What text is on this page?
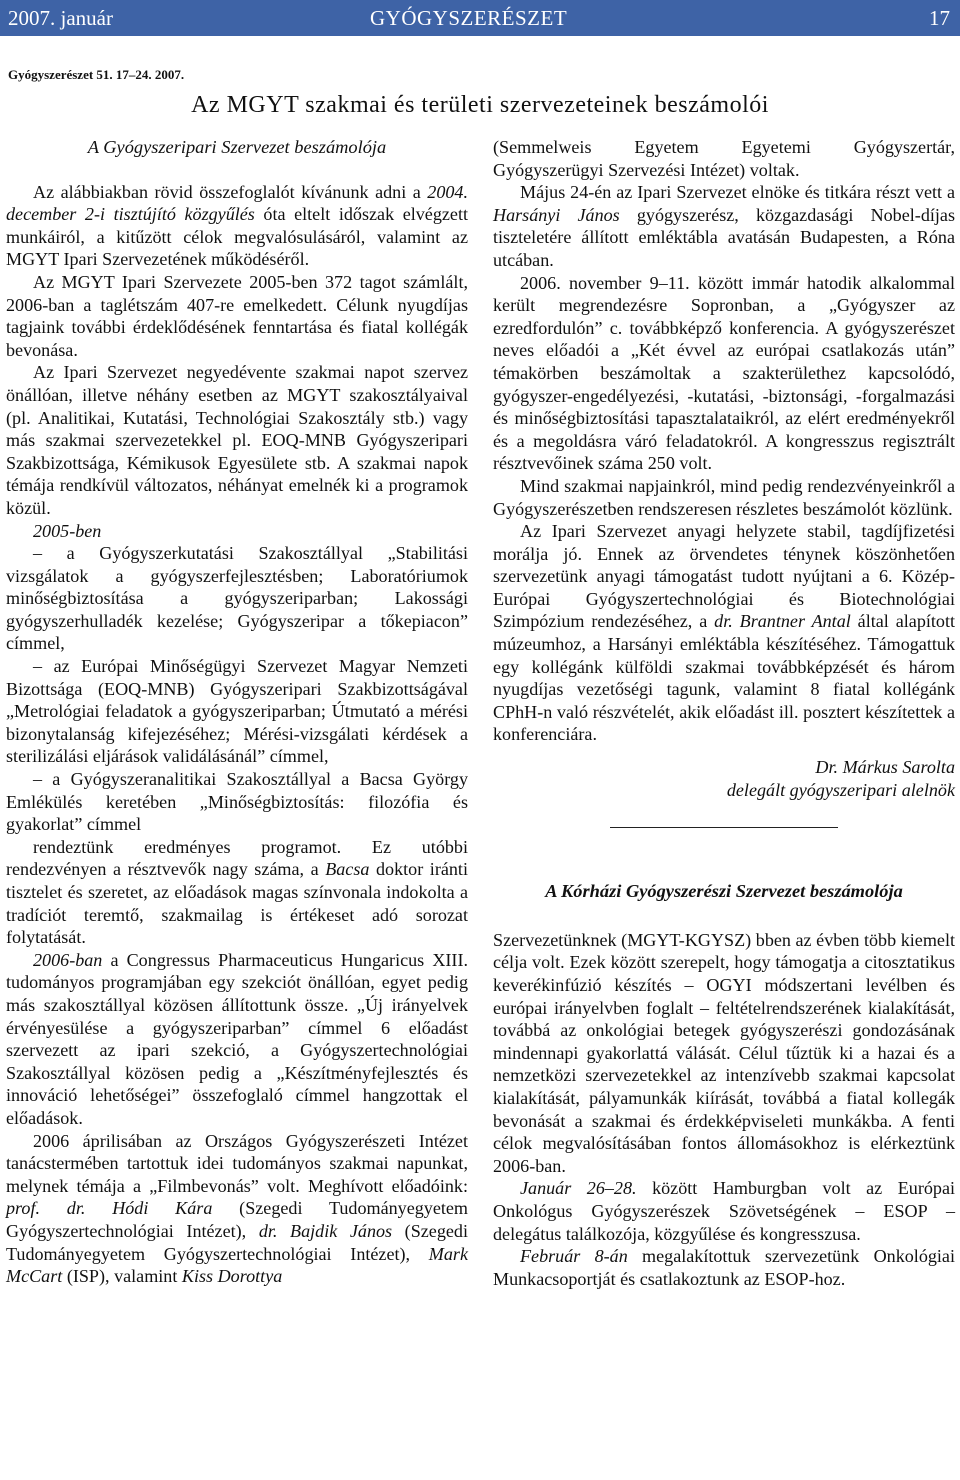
2007. január	GYÓGYSZERÉSZET	17
Gyógyszerészet 51. 17–24. 2007.
Az MGYT szakmai és területi szervezeteinek beszámolói

A Gyógyszeripari Szervezet beszámolója

Az alábbiakban rövid összefoglalót kívánunk adni a 2004. december 2-i tisztújító közgyűlés óta eltelt időszak elvégzett munkáiról, a kitűzött célok megvalósulásáról, valamint az MGYT Ipari Szervezetének működéséről.

Az MGYT Ipari Szervezete 2005-ben 372 tagot számlált, 2006-ban a taglétszám 407-re emelkedett. Célunk nyugdíjas tagjaink további érdeklődésének fenntartása és fiatal kollégák bevonása.

Az Ipari Szervezet negyedévente szakmai napot szervez önállóan, illetve néhány esetben az MGYT szakosztályaival (pl. Analitikai, Kutatási, Technológiai Szakosztály stb.) vagy más szakmai szervezetekkel pl. EOQ-MNB Gyógyszeripari Szakbizottsága, Kémikusok Egyesülete stb. A szakmai napok témája rendkívül változatos, néhányat emelnék ki a programok közül.

2005-ben

– a Gyógyszerkutatási Szakosztállyal „Stabilitási vizsgálatok a gyógyszerfejlesztésben; Laboratóriumok minőségbiztosítása a gyógyszeriparban; Lakossági gyógyszerhulladék kezelése; Gyógyszeripar a tőkepiacon” címmel,

– az Európai Minőségügyi Szervezet Magyar Nemzeti Bizottsága (EOQ-MNB) Gyógyszeripari Szakbizottságával „Metrológiai feladatok a gyógyszeriparban; Útmutató a mérési bizonytalanság kifejezéséhez; Mérési-vizsgálati kérdések a sterilizálási eljárások validálásánál” címmel,

– a Gyógyszeranalitikai Szakosztállyal a Bacsa György Emlékülés keretében „Minőségbiztosítás: filozófia és gyakorlat” címmel

rendeztünk eredményes programot. Ez utóbbi rendezvényen a résztvevők nagy száma, a Bacsa doktor iránti tisztelet és szeretet, az előadások magas színvonala indokolta a tradíciót teremtő, szakmailag is értékeset adó sorozat folytatását.

2006-ban a Congressus Pharmaceuticus Hungaricus XIII. tudományos programjában egy szekciót önállóan, egyet pedig más szakosztállyal közösen állítottunk össze. „Új irányelvek érvényesülése a gyógyszeriparban” címmel 6 előadást szervezett az ipari szekció, a Gyógyszertechnológiai Szakosztállyal közösen pedig a „Készítményfejlesztés és innováció lehetőségei” összefoglaló címmel hangzottak el előadások.

2006 áprilisában az Országos Gyógyszerészeti Intézet tanácstermében tartottuk idei tudományos szakmai napunkat, melynek témája a „Filmbevonás” volt. Meghívott előadóink: prof. dr. Hódi Kára (Szegedi Tudományegyetem Gyógyszertechnológiai Intézet), dr. Bajdik János (Szegedi Tudományegyetem Gyógyszertechnológiai Intézet), Mark McCart (ISP), valamint Kiss Dorottya

(Semmelweis Egyetem Egyetemi Gyógyszertár, Gyógyszerügyi Szervezési Intézet) voltak.

Május 24-én az Ipari Szervezet elnöke és titkára részt vett a Harsányi János gyógyszerész, közgazdasági Nobel-díjas tiszteletére állított emléktábla avatásán Budapesten, a Róna utcában.

2006. november 9–11. között immár hatodik alkalommal került megrendezésre Sopronban, a „Gyógyszer az ezredfordulón” c. továbbképző konferencia. A gyógyszerészet neves előadói a „Két évvel az európai csatlakozás után” témakörben beszámoltak a szakterülethez kapcsolódó, gyógyszer-engedélyezési, -kutatási, -biztonsági, -forgalmazási és minőségbiztosítási tapasztalataikról, az elért eredményekről és a megoldásra váró feladatokról. A kongresszus regisztrált résztvevőinek száma 250 volt.

Mind szakmai napjainkról, mind pedig rendezvényeinkről a Gyógyszerészetben rendszeresen részletes beszámolót közlünk.

Az Ipari Szervezet anyagi helyzete stabil, tagdíjfizetési morálja jó. Ennek az örvendetes ténynek köszönhetően szervezetünk anyagi támogatást tudott nyújtani a 6. Közép-Európai Gyógyszertechnológiai és Biotechnológiai Szimpózium rendezéséhez, a dr. Brantner Antal által alapított múzeumhoz, a Harsányi emléktábla készítéséhez. Támogattuk egy kollégánk külföldi szakmai továbbképzését és három nyugdíjas vezetőségi tagunk, valamint 8 fiatal kollégánk CPhH-n való részvételét, akik előadást ill. posztert készítettek a konferenciára.

Dr. Márkus Sarolta

delegált gyógyszeripari alelnök

A Kórházi Gyógyszerészi Szervezet beszámolója

Szervezetünknek (MGYT-KGYSZ) bben az évben több kiemelt célja volt. Ezek között szerepelt, hogy támogatja a citosztatikus keverékinfúzió készítés – OGYI módszertani levélben és európai irányelvben foglalt – feltételrendszerének kialakítását, továbbá az onkológiai betegek gyógyszerészi gondozásának mindennapi gyakorlattá válását. Célul tűztük ki a hazai és a nemzetközi szervezetekkel az intenzívebb szakmai kapcsolat kialakítását, pályamunkák kiírását, továbbá a fiatal kollegák bevonását a szakmai és érdekképviseleti munkákba. A fenti célok megvalósításában fontos állomásokhoz is elérkeztünk 2006-ban.

Január 26–28. között Hamburgban volt az Európai Onkológus Gyógyszerészek Szövetségének – ESOP – delegátus találkozója, közgyűlése és kongresszusa.

Február 8-án megalakítottuk szervezetünk Onkológiai Munkacsoportját és csatlakoztunk az ESOP-hoz.
